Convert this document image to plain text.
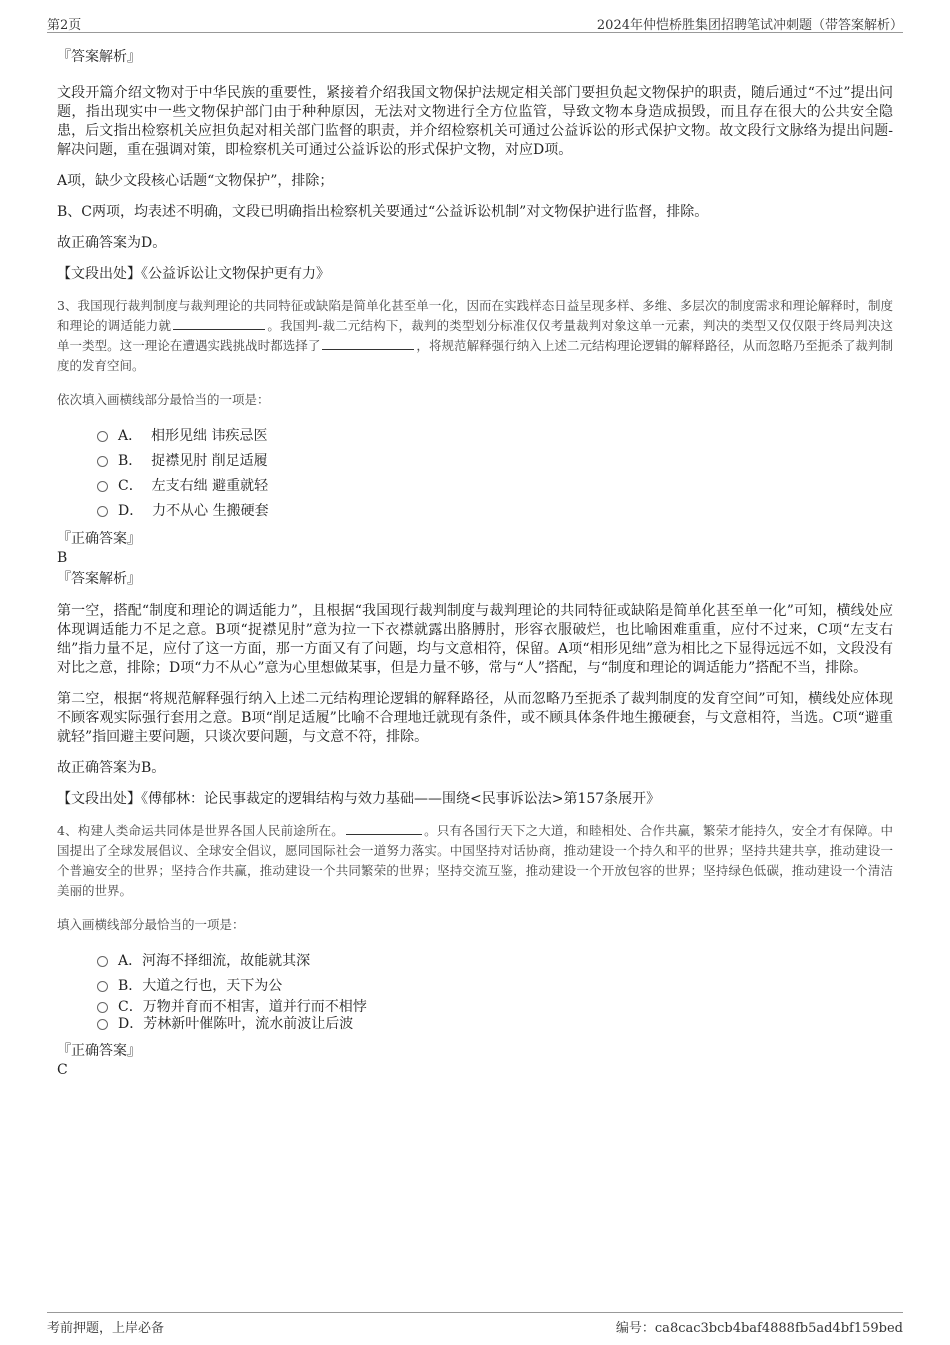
第2页	2024年仲恺桥胜集团招聘笔试冲刺题（带答案解析）

『答案解析』

文段开篇介绍文物对于中华民族的重要性，紧接着介绍我国文物保护法规定相关部门要担负起文物保护的职责，随后通过“不过”提出问题，指出现实中一些文物保护部门由于种种原因，无法对文物进行全方位监管，导致文物本身造成损毁，而且存在很大的公共安全隐患，后文指出检察机关应担负起对相关部门监督的职责，并介绍检察机关可通过公益诉讼的形式保护文物。故文段行文脉络为提出问题-解决问题，重在强调对策，即检察机关可通过公益诉讼的形式保护文物，对应D项。

A项，缺少文段核心话题“文物保护”，排除；

B、C两项，均表述不明确，文段已明确指出检察机关要通过“公益诉讼机制”对文物保护进行监督，排除。

故正确答案为D。

【文段出处】《公益诉讼让文物保护更有力》

3、我国现行裁判制度与裁判理论的共同特征或缺陷是简单化甚至单一化，因而在实践样态日益呈现多样、多维、多层次的制度需求和理论解释时，制度和理论的调适能力就	。我国判-裁二元结构下，裁判的类型划分标准仅仅考量裁判对象这单一元素，判决的类型又仅仅限于终局判决这单一类型。这一理论在遭遇实践挑战时都选择了	，将规范解释强行纳入上述二元结构理论逻辑的解释路径，从而忽略乃至扼杀了裁判制度的发育空间。

依次填入画横线部分最恰当的一项是：

A． 相形见绌 讳疾忌医
B． 捉襟见肘 削足适履
C． 左支右绌 避重就轻
D． 力不从心 生搬硬套

『正确答案』

B

『答案解析』

第一空，搭配“制度和理论的调适能力”，且根据“我国现行裁判制度与裁判理论的共同特征或缺陷是简单化甚至单一化”可知，横线处应体现调适能力不足之意。B项“捉襟见肘”意为拉一下衣襟就露出胳膊肘，形容衣服破烂，也比喻困难重重，应付不过来，C项“左支右绌”指力量不足，应付了这一方面，那一方面又有了问题，均与文意相符，保留。A项“相形见绌”意为相比之下显得远远不如，文段没有对比之意，排除；D项“力不从心”意为心里想做某事，但是力量不够，常与“人”搭配，与“制度和理论的调适能力”搭配不当，排除。

第二空，根据“将规范解释强行纳入上述二元结构理论逻辑的解释路径，从而忽略乃至扼杀了裁判制度的发育空间”可知，横线处应体现不顾客观实际强行套用之意。B项“削足适履”比喻不合理地迁就现有条件，或不顾具体条件地生搬硬套，与文意相符，当选。C项“避重就轻”指回避主要问题，只谈次要问题，与文意不符，排除。

故正确答案为B。

【文段出处】《傅郁林：论民事裁定的逻辑结构与效力基础——围绕<民事诉讼法>第157条展开》

4、构建人类命运共同体是世界各国人民前途所在。	。只有各国行天下之大道，和睦相处、合作共赢，繁荣才能持久，安全才有保障。中国提出了全球发展倡议、全球安全倡议，愿同国际社会一道努力落实。中国坚持对话协商，推动建设一个持久和平的世界；坚持共建共享，推动建设一个普遍安全的世界；坚持合作共赢，推动建设一个共同繁荣的世界；坚持交流互鉴，推动建设一个开放包容的世界；坚持绿色低碳，推动建设一个清洁美丽的世界。

填入画横线部分最恰当的一项是：

A．河海不择细流，故能就其深
B．大道之行也，天下为公
C．万物并育而不相害，道并行而不相悖
D．芳林新叶催陈叶，流水前波让后波

『正确答案』

C

考前押题，上岸必备	编号：ca8cac3bcb4baf4888fb5ad4bf159bed
